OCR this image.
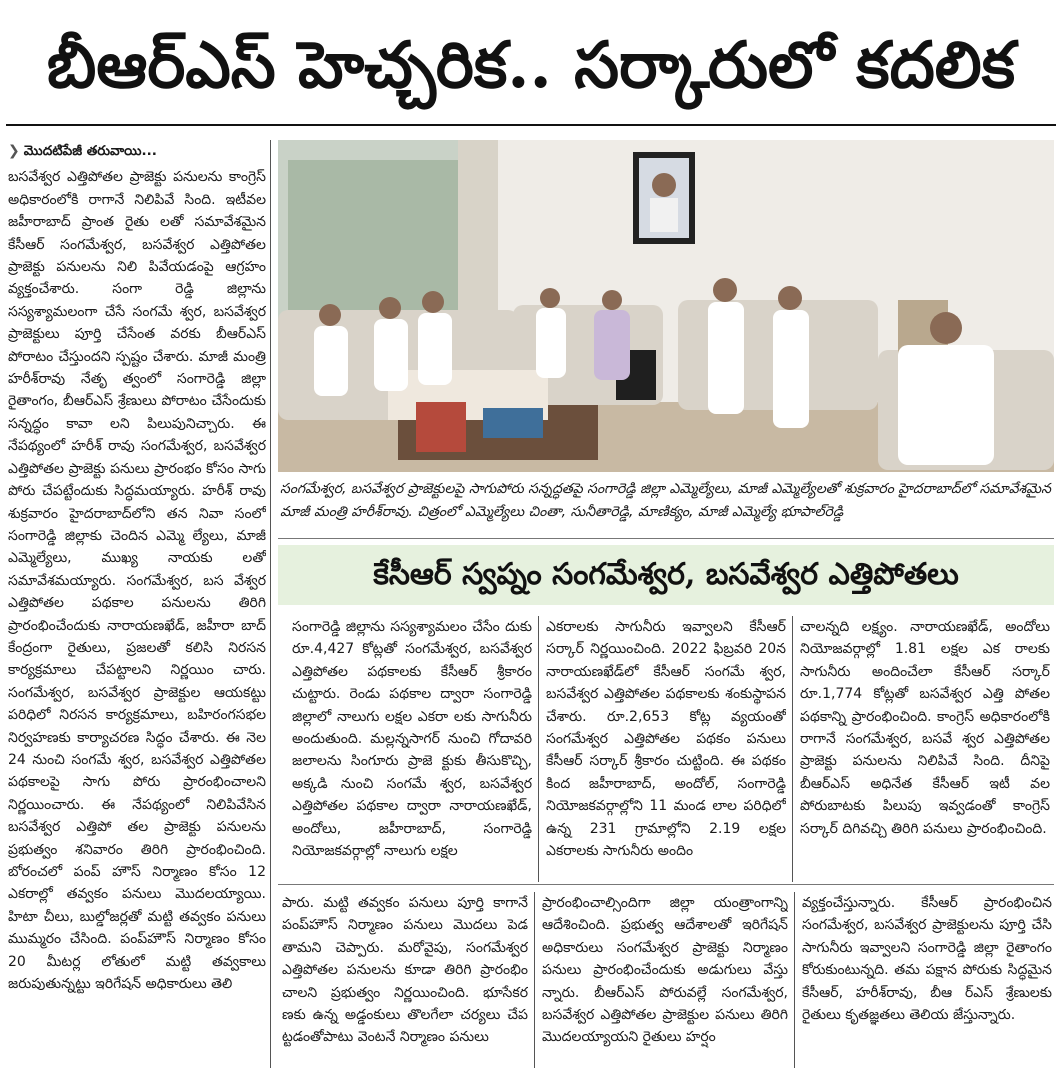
బీఆర్‌ఎస్‌ హెచ్చరిక.. సర్కారులో కదలిక
❯ మొదటిపేజీ తరువాయి...

బసవేశ్వర ఎత్తిపోతల ప్రాజెక్టు పనులను కాంగ్రెస్‌ అధికారంలోకి రాగానే నిలిపివే సింది. ఇటీవల జహీరాబాద్‌ ప్రాంత రైతు లతో సమావేశమైన కేసీఆర్‌ సంగమేశ్వర, బసవేశ్వర ఎత్తిపోతల ప్రాజెక్టు పనులను నిలి పివేయడంపై ఆగ్రహం వ్యక్తంచేశారు. సంగా రెడ్డి జిల్లాను సస్యశ్యామలంగా చేసే సంగమే శ్వర, బసవేశ్వర ప్రాజెక్టులు పూర్తి చేసేంత వరకు బీఆర్‌ఎస్‌ పోరాటం చేస్తుందని స్పష్టం చేశారు. మాజీ మంత్రి హరీశ్‌రావు నేతృ త్వంలో సంగారెడ్డి జిల్లా రైతాంగం, బీఆర్‌ఎస్‌ శ్రేణులు పోరాటం చేసేందుకు సన్నద్ధం కావా లని పిలుపునిచ్చారు. ఈ నేపథ్యంలో హరీశ్‌ రావు సంగమేశ్వర, బసవేశ్వర ఎత్తిపోతల ప్రాజెక్టు పనులు ప్రారంభం కోసం సాగు పోరు చేపట్టేందుకు సిద్ధమయ్యారు. హరీశ్‌ రావు శుక్రవారం హైదరాబాద్‌లోని తన నివా సంలో సంగారెడ్డి జిల్లాకు చెందిన ఎమ్మె ల్యేలు, మాజీ ఎమ్మెల్యేలు, ముఖ్య నాయకు లతో సమావేశమయ్యారు. సంగమేశ్వర, బస వేశ్వర ఎత్తిపోతల పథకాల పనులను తిరిగి ప్రారంభించేందుకు నారాయణఖేడ్‌, జహీరా బాద్‌ కేంద్రంగా రైతులు, ప్రజలతో కలిసి నిరసన కార్యక్రమాలు చేపట్టాలని నిర్ణయిం చారు. సంగమేశ్వర, బసవేశ్వర ప్రాజెక్టుల ఆయకట్టు పరిధిలో నిరసన కార్యక్రమాలు, బహిరంగసభల నిర్వహణకు కార్యాచరణ సిద్ధం చేశారు. ఈ నెల 24 నుంచి సంగమే శ్వర, బసవేశ్వర ఎత్తిపోతల పథకాలపై సాగు పోరు ప్రారంభించాలని నిర్ణయించారు. ఈ నేపథ్యంలో నిలిపివేసిన బసవేశ్వర ఎత్తిపో తల ప్రాజెక్టు పనులను ప్రభుత్వం శనివారం తిరిగి ప్రారంభించింది. బోరంచలో పంప్‌ హౌస్‌ నిర్మాణం కోసం 12 ఎకరాల్లో తవ్వకం పనులు మొదలయ్యాయి. హిటా చీలు, బుల్డోజర్లతో మట్టి తవ్వకం పనులు ముమ్మరం చేసింది. పంప్‌హౌస్‌ నిర్మాణం కోసం 20 మీటర్ల లోతులో మట్టి తవ్వకాలు జరుపుతున్నట్టు ఇరిగేషన్‌ అధికారులు తెలి

సంగమేశ్వర, బసవేశ్వర ప్రాజెక్టులపై సాగుపోరు సన్నద్ధతపై సంగారెడ్డి జిల్లా ఎమ్మెల్యేలు, మాజీ ఎమ్మెల్యేలతో శుక్రవారం హైదరాబాద్‌లో సమావేశమైన మాజీ మంత్రి హరీశ్‌రావు. చిత్రంలో ఎమ్మెల్యేలు చింతా, సునీతారెడ్డి, మాణిక్యం, మాజీ ఎమ్మెల్యే భూపాల్‌రెడ్డి
కేసీఆర్‌ స్వప్నం సంగమేశ్వర, బసవేశ్వర ఎత్తిపోతలు

సంగారెడ్డి జిల్లాను సస్యశ్యామలం చేసేం దుకు రూ.4,427 కోట్లతో సంగమేశ్వర, బసవేశ్వర ఎత్తిపోతల పథకాలకు కేసీఆర్‌ శ్రీకారం చుట్టారు. రెండు పథకాల ద్వారా సంగారెడ్డి జిల్లాలో నాలుగు లక్షల ఎకరా లకు సాగునీరు అందుతుంది. మల్లన్నసాగర్‌ నుంచి గోదావరి జలాలను సింగూరు ప్రాజె క్టుకు తీసుకొచ్చి, అక్కడి నుంచి సంగమే శ్వర, బసవేశ్వర ఎత్తిపోతల పథకాల ద్వారా నారాయణఖేడ్‌, అందోలు, జహీరాబాద్‌, సంగారెడ్డి నియోజకవర్గాల్లో నాలుగు లక్షల

ఎకరాలకు సాగునీరు ఇవ్వాలని కేసీఆర్‌ సర్కార్‌ నిర్ణయించింది. 2022 ఫిబ్రవరి 20న నారాయణఖేడ్‌లో కేసీఆర్‌ సంగమే శ్వర, బసవేశ్వర ఎత్తిపోతల పథకాలకు శంకుస్థాపన చేశారు. రూ.2,653 కోట్ల వ్యయంతో సంగమేశ్వర ఎత్తిపోతల పథకం పనులు కేసీఆర్‌ సర్కార్‌ శ్రీకారం చుట్టింది. ఈ పథకం కింద జహీరాబాద్‌, అందోల్‌, సంగారెడ్డి నియోజకవర్గాల్లోని 11 మండ లాల పరిధిలో ఉన్న 231 గ్రామాల్లోని 2.19 లక్షల ఎకరాలకు సాగునీరు అందిం

చాలన్నది లక్ష్యం. నారాయణఖేడ్‌, అందోలు నియోజవర్గాల్లో 1.81 లక్షల ఎక రాలకు సాగునీరు అందించేలా కేసీఆర్‌ సర్కార్‌ రూ.1,774 కోట్లతో బసవేశ్వర ఎత్తి పోతల పథకాన్ని ప్రారంభించింది. కాంగ్రెస్‌ అధికారంలోకి రాగానే సంగమేశ్వర, బసవే శ్వర ఎత్తిపోతల ప్రాజెక్టు పనులను నిలిపివే సింది. దీనిపై బీఆర్‌ఎస్‌ అధినేత కేసీఆర్‌ ఇటీ వల పోరుబాటకు పిలుపు ఇవ్వడంతో కాంగ్రెస్‌ సర్కార్‌ దిగివచ్చి తిరిగి పనులు ప్రారంభించింది.

పారు. మట్టి తవ్వకం పనులు పూర్తి కాగానే పంప్‌హౌస్‌ నిర్మాణం పనులు మొదలు పెడ తామని చెప్పారు. మరోవైపు, సంగమేశ్వర ఎత్తిపోతల పనులను కూడా తిరిగి ప్రారంభిం చాలని ప్రభుత్వం నిర్ణయించింది. భూసేకర ణకు ఉన్న అడ్డంకులు తొలగేలా చర్యలు చేప ట్టడంతోపాటు వెంటనే నిర్మాణం పనులు

ప్రారంభించాల్సిందిగా జిల్లా యంత్రాంగాన్ని ఆదేశించింది. ప్రభుత్వ ఆదేశాలతో ఇరిగేషన్‌ అధికారులు సంగమేశ్వర ప్రాజెక్టు నిర్మాణం పనులు ప్రారంభించేందుకు అడుగులు వేస్తు న్నారు. బీఆర్‌ఎస్‌ పోరువల్లే సంగమేశ్వర, బసవేశ్వర ఎత్తిపోతల ప్రాజెక్టుల పనులు తిరిగి మొదలయ్యాయని రైతులు హర్షం

వ్యక్తంచేస్తున్నారు. కేసీఆర్‌ ప్రారంభించిన సంగమేశ్వర, బసవేశ్వర ప్రాజెక్టులను పూర్తి చేసి సాగునీరు ఇవ్వాలని సంగారెడ్డి జిల్లా రైతాంగం కోరుకుంటున్నది. తమ పక్షాన పోరుకు సిద్ధమైన కేసీఆర్‌, హరీశ్‌రావు, బీఆ ర్‌ఎస్‌ శ్రేణులకు రైతులు కృతజ్ఞతలు తెలియ జేస్తున్నారు.
